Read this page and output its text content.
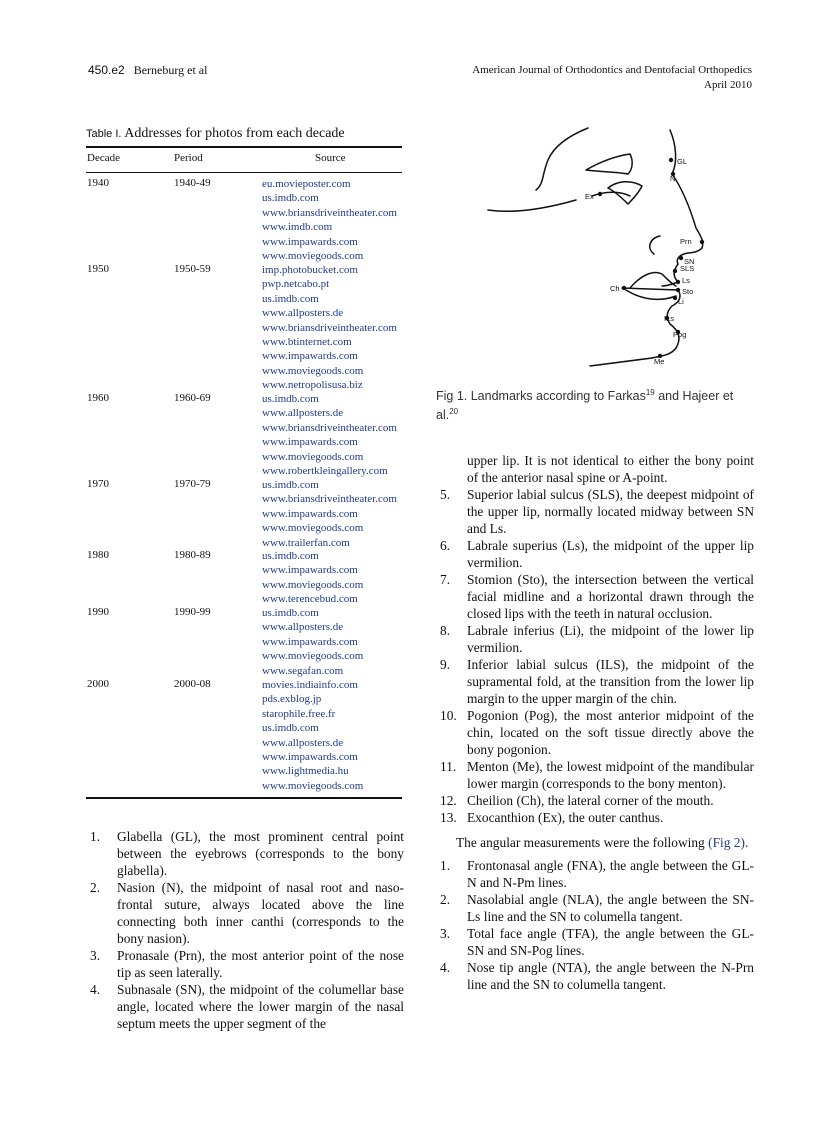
450.e2 Berneburg et al	American Journal of Orthodontics and Dentofacial Orthopedics
April 2010
Table I. Addresses for photos from each decade
Decade	Period	Source
1940	1940-49	eu.movieposter.com
us.imdb.com
www.briansdriveintheater.com
www.imdb.com
www.impawards.com
www.moviegoods.com
1950	1950-59	imp.photobucket.com
pwp.netcabo.pt
us.imdb.com
www.allposters.de
www.briansdriveintheater.com
www.btinternet.com
www.impawards.com
www.moviegoods.com
www.netropolisusa.biz
1960	1960-69	us.imdb.com
www.allposters.de
www.briansdriveintheater.com
www.impawards.com
www.moviegoods.com
www.robertkleingallery.com
1970	1970-79	us.imdb.com
www.briansdriveintheater.com
www.impawards.com
www.moviegoods.com
www.trailerfan.com
1980	1980-89	us.imdb.com
www.impawards.com
www.moviegoods.com
www.terencebud.com
1990	1990-99	us.imdb.com
www.allposters.de
www.impawards.com
www.moviegoods.com
www.segafan.com
2000	2000-08	movies.indiainfo.com
pds.exblog.jp
starophile.free.fr
us.imdb.com
www.allposters.de
www.impawards.com
www.lightmedia.hu
www.moviegoods.com
GL
N
Ex
Prn
SN
SLS
Ls
Ch	Sto
Li
ILs
Pog
Me
Fig 1. Landmarks according to Farkas$^{19}$ and Hajeer et al.$^{20}$
1. Glabella (GL), the most prominent central point between the eyebrows (corresponds to the bony glabella).
2. Nasion (N), the midpoint of nasal root and naso-frontal suture, always located above the line connecting both inner canthi (corresponds to the bony nasion).
3. Pronasale (Prn), the most anterior point of the nose tip as seen laterally.
4. Subnasale (SN), the midpoint of the columellar base angle, located where the lower margin of the nasal septum meets the upper segment of the
upper lip. It is not identical to either the bony point of the anterior nasal spine or A-point.
5. Superior labial sulcus (SLS), the deepest midpoint of the upper lip, normally located midway between SN and Ls.
6. Labrale superius (Ls), the midpoint of the upper lip vermilion.
7. Stomion (Sto), the intersection between the vertical facial midline and a horizontal drawn through the closed lips with the teeth in natural occlusion.
8. Labrale inferius (Li), the midpoint of the lower lip vermilion.
9. Inferior labial sulcus (ILS), the midpoint of the supramental fold, at the transition from the lower lip margin to the upper margin of the chin.
10. Pogonion (Pog), the most anterior midpoint of the chin, located on the soft tissue directly above the bony pogonion.
11. Menton (Me), the lowest midpoint of the mandibular lower margin (corresponds to the bony menton).
12. Cheilion (Ch), the lateral corner of the mouth.
13. Exocanthion (Ex), the outer canthus.
The angular measurements were the following (Fig 2).
1. Frontonasal angle (FNA), the angle between the GL-N and N-Pm lines.
2. Nasolabial angle (NLA), the angle between the SN-Ls line and the SN to columella tangent.
3. Total face angle (TFA), the angle between the GL-SN and SN-Pog lines.
4. Nose tip angle (NTA), the angle between the N-Prn line and the SN to columella tangent.
